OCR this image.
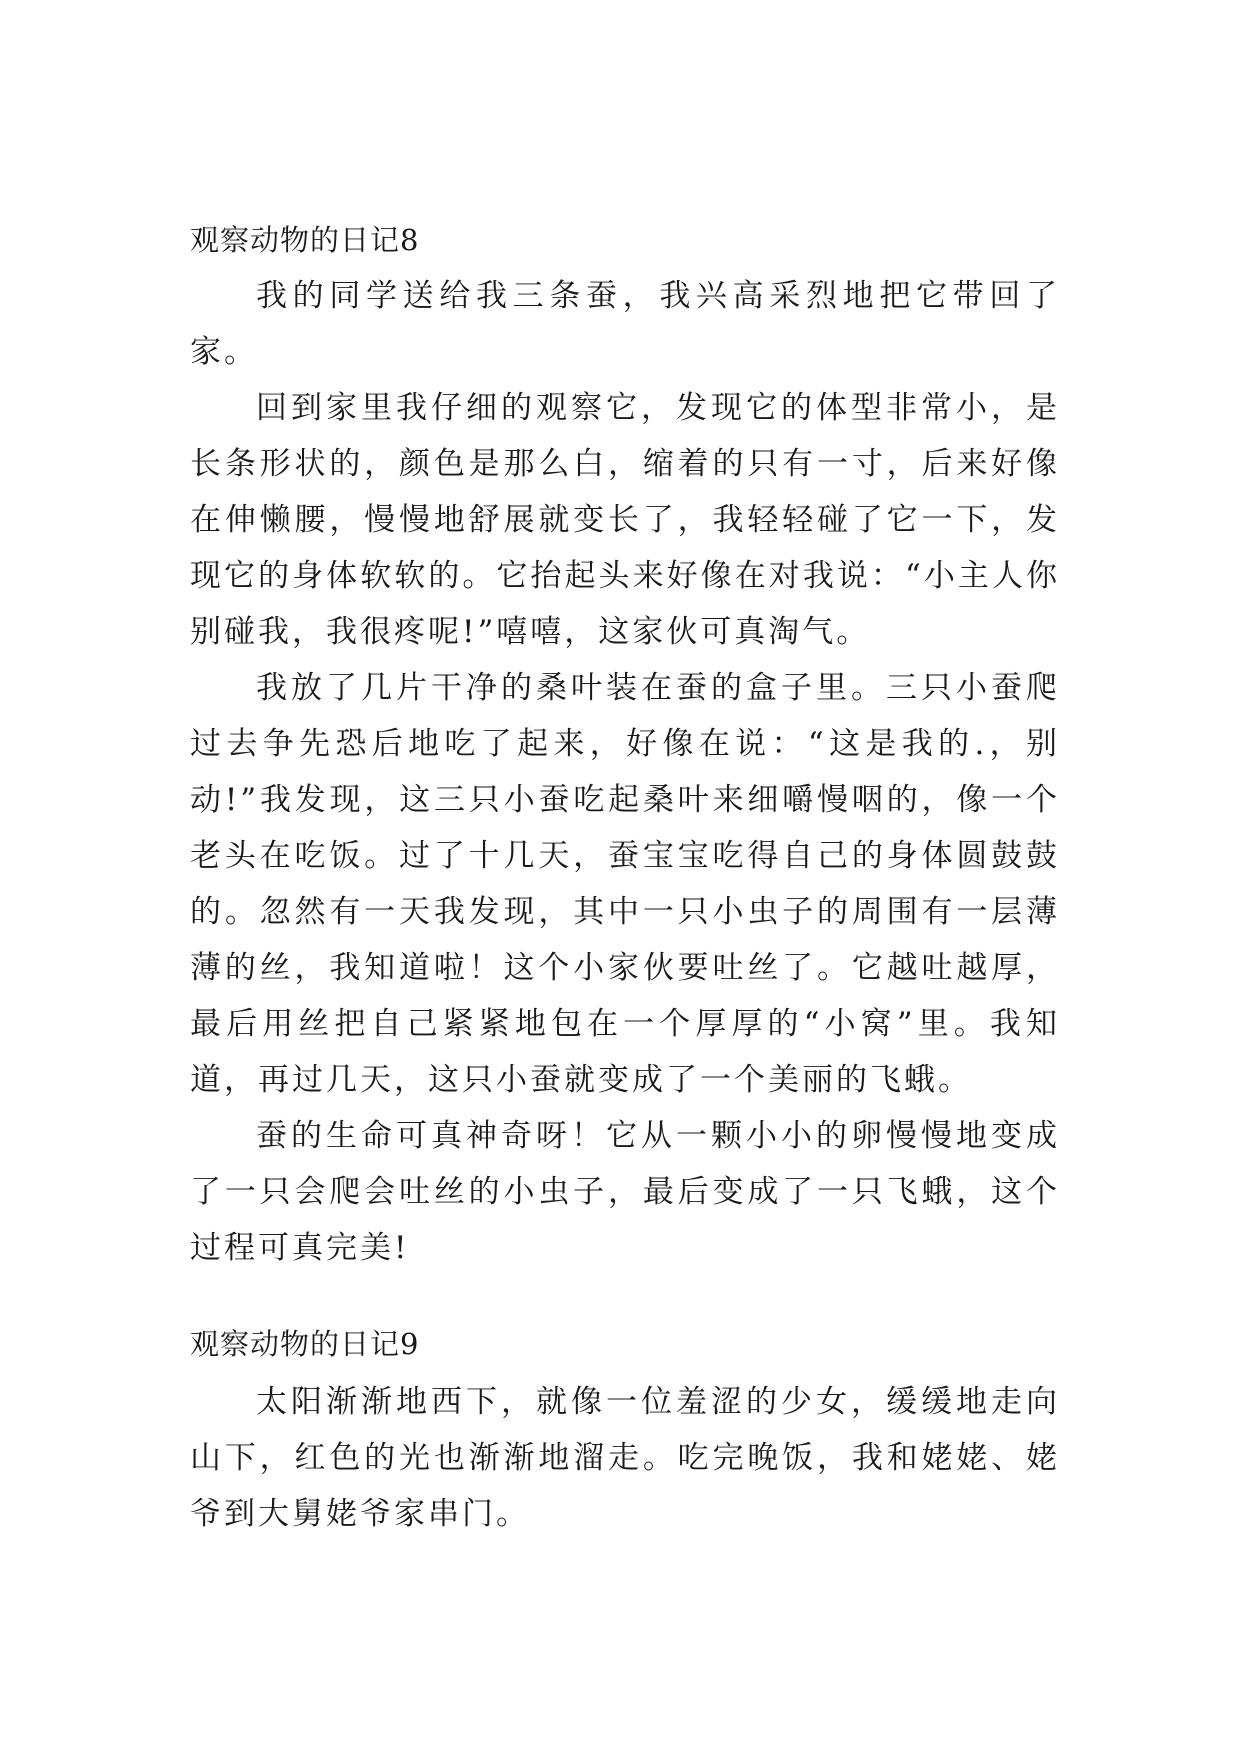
观察动物的日记8

我的同学送给我三条蚕，我兴高采烈地把它带回了家。

回到家里我仔细的观察它，发现它的体型非常小，是长条形状的，颜色是那么白，缩着的只有一寸，后来好像在伸懒腰，慢慢地舒展就变长了，我轻轻碰了它一下，发现它的身体软软的。它抬起头来好像在对我说：“小主人你别碰我，我很疼呢!”嘻嘻，这家伙可真淘气。

我放了几片干净的桑叶装在蚕的盒子里。三只小蚕爬过去争先恐后地吃了起来，好像在说：“这是我的.，别动!”我发现，这三只小蚕吃起桑叶来细嚼慢咽的，像一个老头在吃饭。过了十几天，蚕宝宝吃得自己的身体圆鼓鼓的。忽然有一天我发现，其中一只小虫子的周围有一层薄薄的丝，我知道啦！这个小家伙要吐丝了。它越吐越厚，最后用丝把自己紧紧地包在一个厚厚的“小窝”里。我知道，再过几天，这只小蚕就变成了一个美丽的飞蛾。

蚕的生命可真神奇呀！它从一颗小小的卵慢慢地变成了一只会爬会吐丝的小虫子，最后变成了一只飞蛾，这个过程可真完美!

观察动物的日记9

太阳渐渐地西下，就像一位羞涩的少女，缓缓地走向山下，红色的光也渐渐地溜走。吃完晚饭，我和姥姥、姥爷到大舅姥爷家串门。
